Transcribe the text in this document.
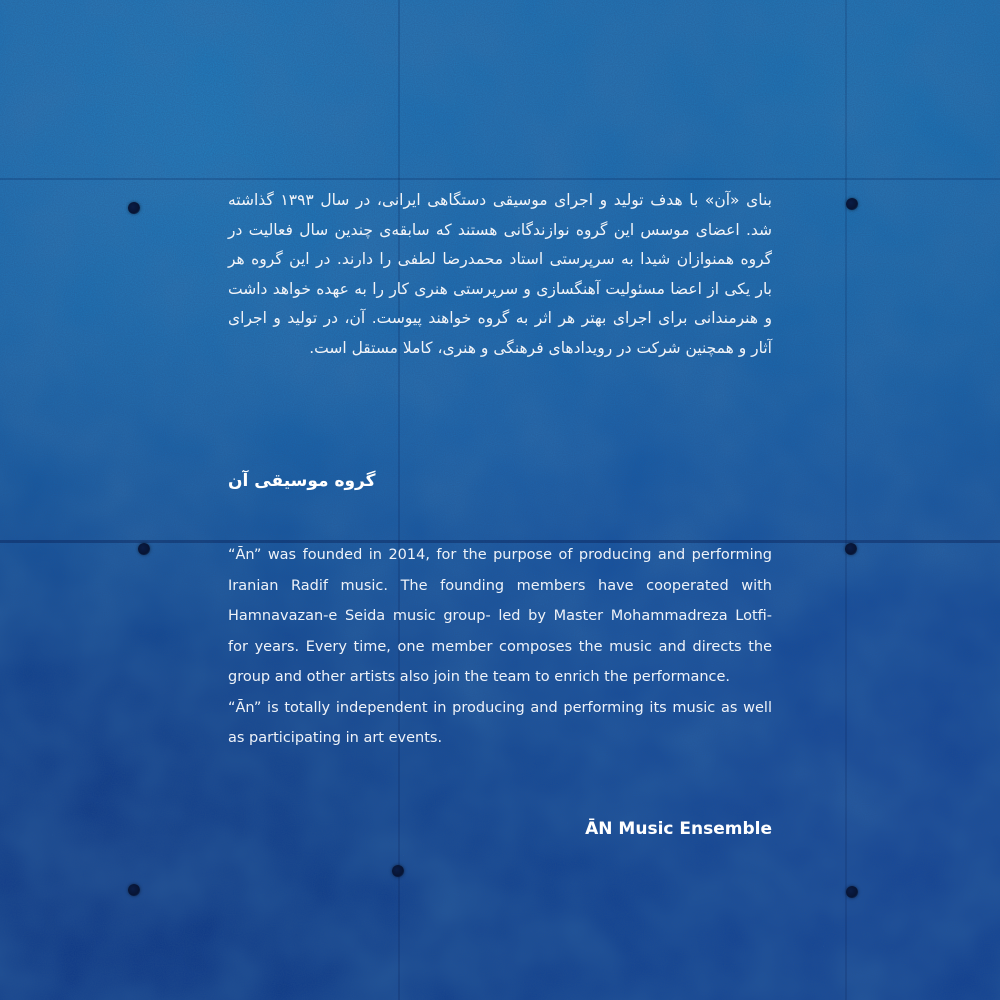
بنای «آن» با هدف تولید و اجرای موسیقی دستگاهی ایرانی، در سال ۱۳۹۳ گذاشته شد. اعضای موسس این گروه نوازندگانی هستند که سابقه‌ی چندین سال فعالیت در گروه همنوازان شیدا به سرپرستی استاد محمدرضا لطفی را دارند. در این گروه هر بار یکی از اعضا مسئولیت آهنگسازی و سرپرستی هنری کار را به عهده خواهد داشت و هنرمندانی برای اجرای بهتر هر اثر به گروه خواهند پیوست. آن، در تولید و اجرای آثار و همچنین شرکت در رویدادهای فرهنگی و هنری، کاملا مستقل است.

گروه موسیقی آن

“Ān” was founded in 2014, for the purpose of producing and performing Iranian Radif music. The founding members have cooperated with Hamnavazan-e Seida music group- led by Master Mohammadreza Lotfi- for years. Every time, one member composes the music and directs the group and other artists also join the team to enrich the performance.

“Ān” is totally independent in producing and performing its music as well as participating in art events.

ĀN Music Ensemble
